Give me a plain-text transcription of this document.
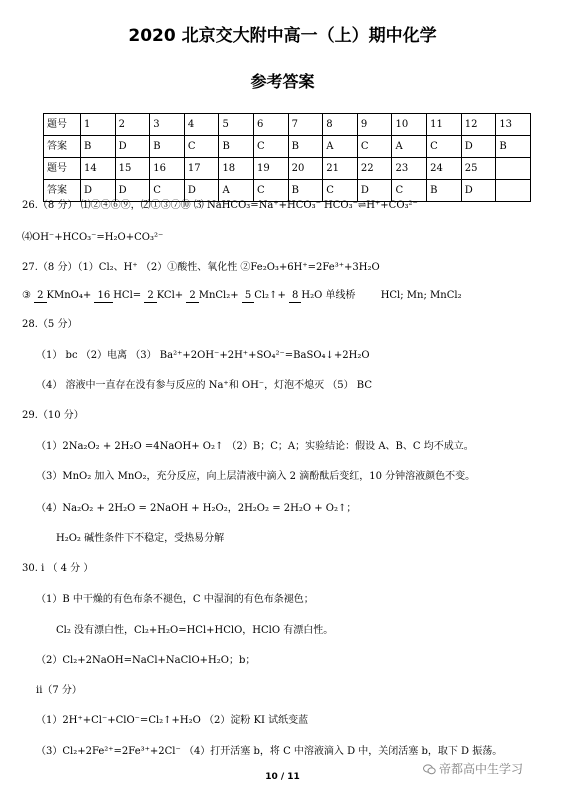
2020 北京交大附中高一（上）期中化学
参考答案
题号	1	2	3	4	5	6	7	8	9	10	11	12	13
答案	B	D	B	C	B	C	B	A	C	A	C	D	B
题号	14	15	16	17	18	19	20	21	22	23	24	25	
答案	D	D	C	D	A	C	B	C	D	C	B	D	
26.（8 分） ⑴②④⑥⑨，⑵①③⑦⑩ ⑶ NaHCO₃=Na⁺+HCO₃⁻ HCO₃⁻⇌H⁺+CO₃²⁻
⑷OH⁻+HCO₃⁻=H₂O+CO₃²⁻
27.（8 分）（1）Cl₂、H⁺ （2）①酸性、氧化性 ②Fe₂O₃+6H⁺=2Fe³⁺+3H₂O
③ 2 KMnO₄+ 16 HCl= 2 KCl+ 2 MnCl₂+ 5 Cl₂↑+ 8 H₂O 单线桥	HCl; Mn; MnCl₂
28.（5 分）
（1） bc （2）电离 （3） Ba²⁺+2OH⁻+2H⁺+SO₄²⁻=BaSO₄↓+2H₂O
（4） 溶液中一直存在没有参与反应的 Na⁺和 OH⁻，灯泡不熄灭 （5） BC
29.（10 分）
（1）2Na₂O₂ + 2H₂O =4NaOH+ O₂↑ （2）B；C；A；实验结论：假设 A、B、C 均不成立。
（3）MnO₂ 加入 MnO₂，充分反应，向上层清液中滴入 2 滴酚酞后变红，10 分钟溶液颜色不变。
（4）Na₂O₂ + 2H₂O = 2NaOH + H₂O₂，2H₂O₂ = 2H₂O + O₂↑；
H₂O₂ 碱性条件下不稳定，受热易分解
30. i （ 4 分 ）
（1）B 中干燥的有色布条不褪色，C 中湿润的有色布条褪色；
Cl₂ 没有漂白性，Cl₂+H₂O=HCl+HClO，HClO 有漂白性。
（2）Cl₂+2NaOH=NaCl+NaClO+H₂O；b；
ii（7 分）
（1）2H⁺+Cl⁻+ClO⁻=Cl₂↑+H₂O （2）淀粉 KI 试纸变蓝
（3）Cl₂+2Fe²⁺=2Fe³⁺+2Cl⁻ （4）打开活塞 b，将 C 中溶液滴入 D 中，关闭活塞 b，取下 D 振荡。
10 / 11
帝都高中生学习
